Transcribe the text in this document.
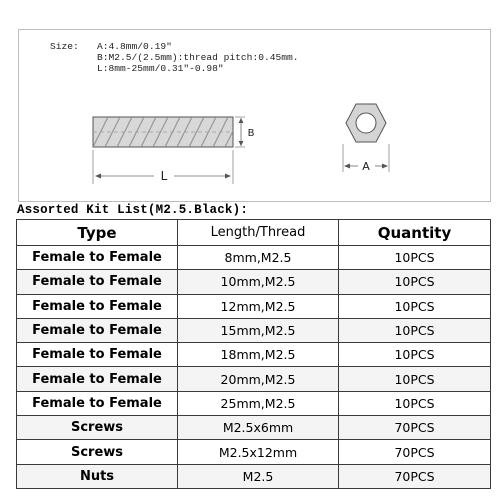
Size: A:4.8mm/0.19"
B:M2.5/(2.5mm):thread pitch:0.45mm.
L:8mm-25mm/0.31"-0.98"
L
B
A
Assorted Kit List(M2.5.Black):
Type	Length/Thread	Quantity
Female to Female	8mm,M2.5	10PCS
Female to Female	10mm,M2.5	10PCS
Female to Female	12mm,M2.5	10PCS
Female to Female	15mm,M2.5	10PCS
Female to Female	18mm,M2.5	10PCS
Female to Female	20mm,M2.5	10PCS
Female to Female	25mm,M2.5	10PCS
Screws	M2.5x6mm	70PCS
Screws	M2.5x12mm	70PCS
Nuts	M2.5	70PCS
